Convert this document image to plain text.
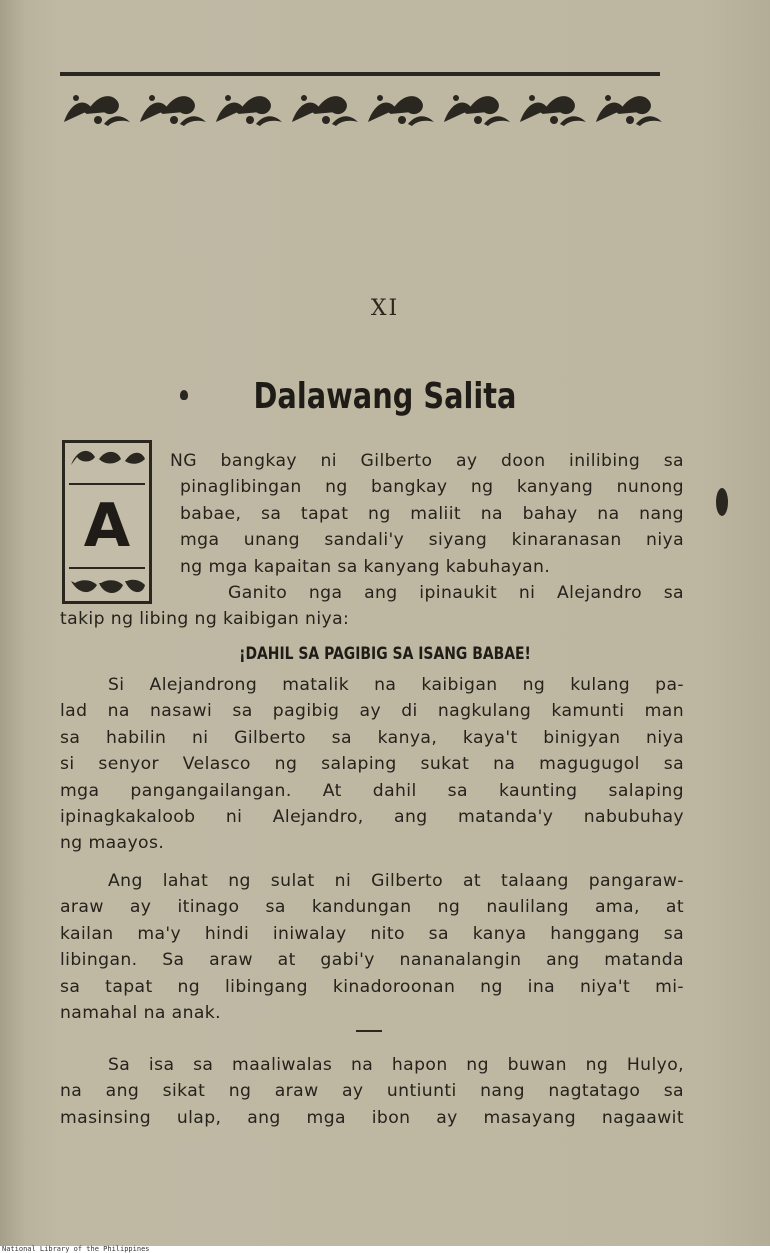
XI
Dalawang Salita
A
NG bangkay ni Gilberto ay doon inilibing sa
pinaglibingan ng bangkay ng kanyang nunong
babae, sa tapat ng maliit na bahay na nang
mga unang sandali'y siyang kinaranasan niya
ng mga kapaitan sa kanyang kabuhayan.
Ganito nga ang ipinaukit ni Alejandro sa
takip ng libing ng kaibigan niya:
¡DAHIL SA PAGIBIG SA ISANG BABAE!
Si Alejandrong matalik na kaibigan ng kulang pa-
lad na nasawi sa pagibig ay di nagkulang kamunti man
sa habilin ni Gilberto sa kanya, kaya't binigyan niya
si senyor Velasco ng salaping sukat na magugugol sa
mga pangangailangan. At dahil sa kaunting salaping
ipinagkakaloob ni Alejandro, ang matanda'y nabubuhay
ng maayos.
Ang lahat ng sulat ni Gilberto at talaang pangaraw-
araw ay itinago sa kandungan ng naulilang ama, at
kailan ma'y hindi iniwalay nito sa kanya hanggang sa
libingan. Sa araw at gabi'y nananalangin ang matanda
sa tapat ng libingang kinadoroonan ng ina niya't mi-
namahal na anak.
Sa isa sa maaliwalas na hapon ng buwan ng Hulyo,
na ang sikat ng araw ay untiunti nang nagtatago sa
masinsing ulap, ang mga ibon ay masayang nagaawit
National Library of the Philippines
